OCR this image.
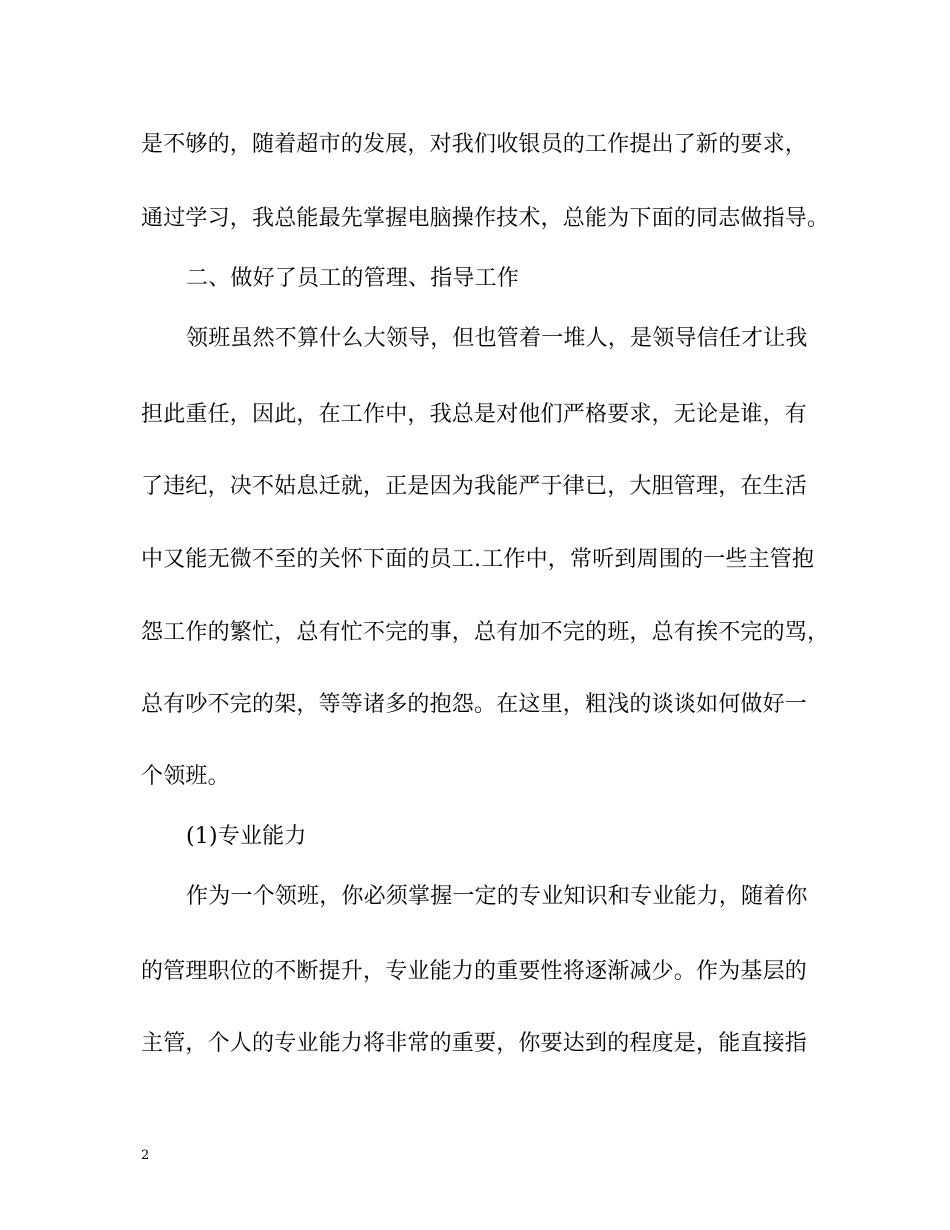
是不够的，随着超市的发展，对我们收银员的工作提出了新的要求，
通过学习，我总能最先掌握电脑操作技术，总能为下面的同志做指导。
二、做好了员工的管理、指导工作
领班虽然不算什么大领导，但也管着一堆人，是领导信任才让我
担此重任，因此，在工作中，我总是对他们严格要求，无论是谁，有
了违纪，决不姑息迁就，正是因为我能严于律已，大胆管理，在生活
中又能无微不至的关怀下面的员工.工作中，常听到周围的一些主管抱
怨工作的繁忙，总有忙不完的事，总有加不完的班，总有挨不完的骂，
总有吵不完的架，等等诸多的抱怨。在这里，粗浅的谈谈如何做好一
个领班。
(1)专业能力
作为一个领班，你必须掌握一定的专业知识和专业能力，随着你
的管理职位的不断提升，专业能力的重要性将逐渐减少。作为基层的
主管，个人的专业能力将非常的重要，你要达到的程度是，能直接指
2
